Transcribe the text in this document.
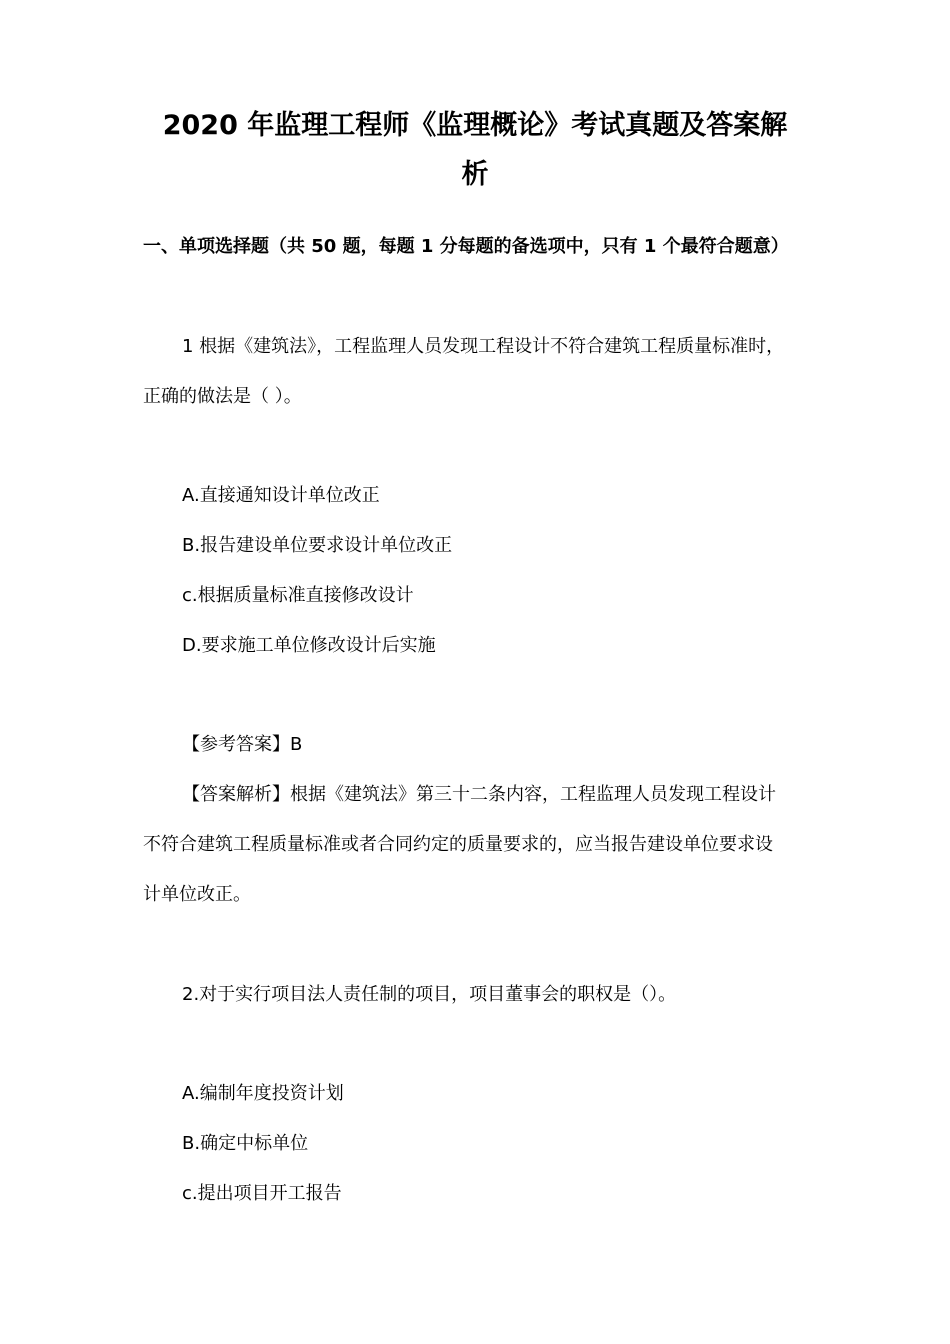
2020 年监理工程师《监理概论》考试真题及答案解
析
一、单项选择题（共 50 题，每题 1 分每题的备选项中，只有 1 个最符合题意）
1 根据《建筑法》，工程监理人员发现工程设计不符合建筑工程质量标准时，
正确的做法是（ ）。
A.直接通知设计单位改正
B.报告建设单位要求设计单位改正
c.根据质量标准直接修改设计
D.要求施工单位修改设计后实施
【参考答案】B
【答案解析】根据《建筑法》第三十二条内容，工程监理人员发现工程设计
不符合建筑工程质量标准或者合同约定的质量要求的，应当报告建设单位要求设
计单位改正。
2.对于实行项目法人责任制的项目，项目董事会的职权是（）。
A.编制年度投资计划
B.确定中标单位
c.提出项目开工报告
